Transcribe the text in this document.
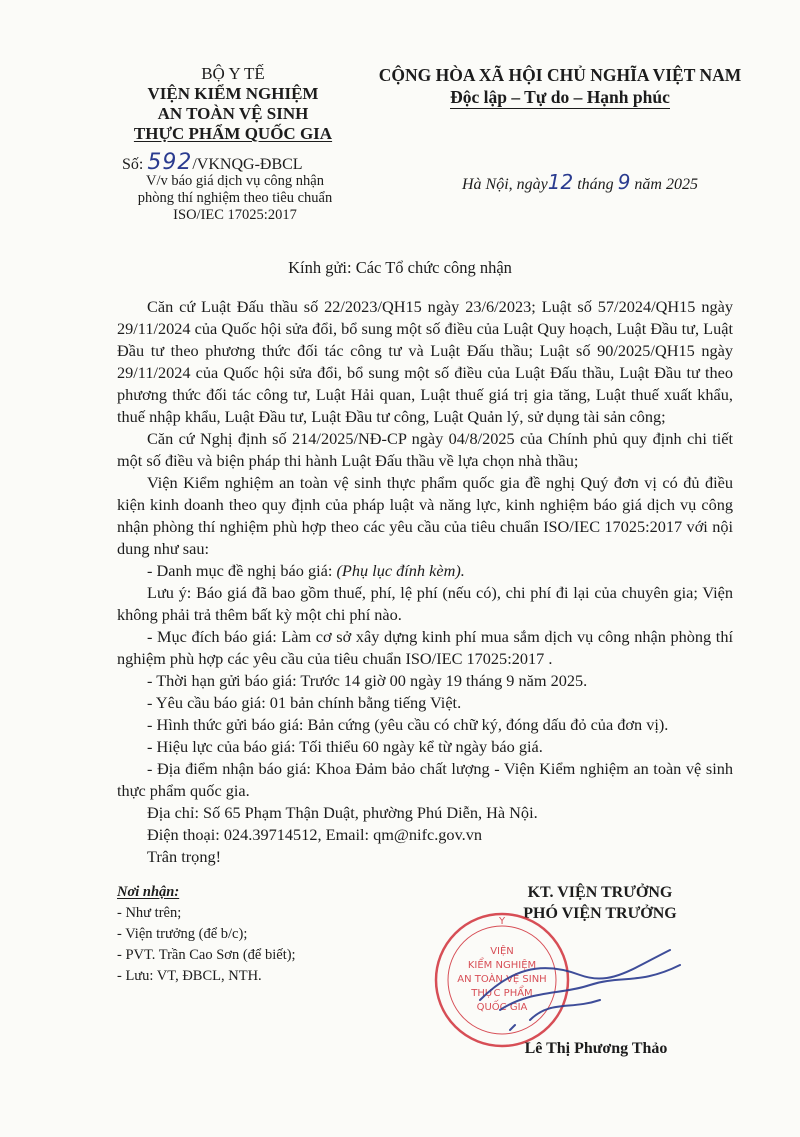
BỘ Y TẾ
VIỆN KIỂM NGHIỆM
AN TOÀN VỆ SINH
THỰC PHẨM QUỐC GIA
Số: 592/VKNQG-ĐBCL
V/v báo giá dịch vụ công nhận
phòng thí nghiệm theo tiêu chuẩn
ISO/IEC 17025:2017
CỘNG HÒA XÃ HỘI CHỦ NGHĨA VIỆT NAM
Độc lập – Tự do – Hạnh phúc
Hà Nội, ngày12 tháng 9 năm 2025
Kính gửi: Các Tổ chức công nhận

Căn cứ Luật Đấu thầu số 22/2023/QH15 ngày 23/6/2023; Luật số 57/2024/QH15 ngày 29/11/2024 của Quốc hội sửa đổi, bổ sung một số điều của Luật Quy hoạch, Luật Đầu tư, Luật Đầu tư theo phương thức đối tác công tư và Luật Đấu thầu; Luật số 90/2025/QH15 ngày 29/11/2024 của Quốc hội sửa đổi, bổ sung một số điều của Luật Đấu thầu, Luật Đầu tư theo phương thức đối tác công tư, Luật Hải quan, Luật thuế giá trị gia tăng, Luật thuế xuất khẩu, thuế nhập khẩu, Luật Đầu tư, Luật Đầu tư công, Luật Quản lý, sử dụng tài sản công;

Căn cứ Nghị định số 214/2025/NĐ-CP ngày 04/8/2025 của Chính phủ quy định chi tiết một số điều và biện pháp thi hành Luật Đấu thầu về lựa chọn nhà thầu;

Viện Kiểm nghiệm an toàn vệ sinh thực phẩm quốc gia đề nghị Quý đơn vị có đủ điều kiện kinh doanh theo quy định của pháp luật và năng lực, kinh nghiệm báo giá dịch vụ công nhận phòng thí nghiệm phù hợp theo các yêu cầu của tiêu chuẩn ISO/IEC 17025:2017 với nội dung như sau:

- Danh mục đề nghị báo giá: (Phụ lục đính kèm).

Lưu ý: Báo giá đã bao gồm thuế, phí, lệ phí (nếu có), chi phí đi lại của chuyên gia; Viện không phải trả thêm bất kỳ một chi phí nào.

- Mục đích báo giá: Làm cơ sở xây dựng kinh phí mua sắm dịch vụ công nhận phòng thí nghiệm phù hợp các yêu cầu của tiêu chuẩn ISO/IEC 17025:2017 .

- Thời hạn gửi báo giá: Trước 14 giờ 00 ngày 19 tháng 9 năm 2025.

- Yêu cầu báo giá: 01 bản chính bằng tiếng Việt.

- Hình thức gửi báo giá: Bản cứng (yêu cầu có chữ ký, đóng dấu đỏ của đơn vị).

- Hiệu lực của báo giá: Tối thiểu 60 ngày kể từ ngày báo giá.

- Địa điểm nhận báo giá: Khoa Đảm bảo chất lượng - Viện Kiểm nghiệm an toàn vệ sinh thực phẩm quốc gia.

Địa chỉ: Số 65 Phạm Thận Duật, phường Phú Diễn, Hà Nội.

Điện thoại: 024.39714512, Email: qm@nifc.gov.vn

Trân trọng!

Nơi nhận:
- Như trên;
- Viện trưởng (để b/c);
- PVT. Trần Cao Sơn (để biết);
- Lưu: VT, ĐBCL, NTH.
KT. VIỆN TRƯỞNG
PHÓ VIỆN TRƯỞNG
Y
VIỆN
KIỂM NGHIỆM
AN TOÀN VỆ SINH
THỰC PHẨM
QUỐC GIA
Lê Thị Phương Thảo
